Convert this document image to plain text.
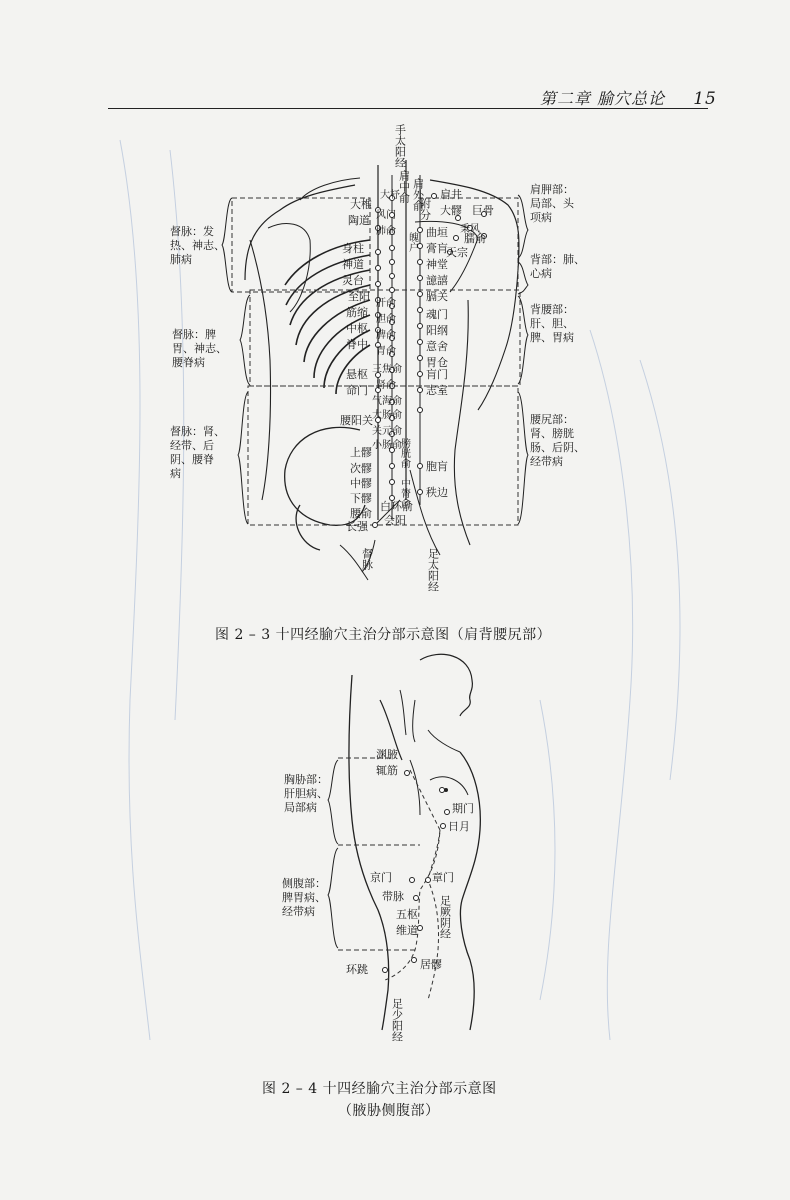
第二章 腧穴总论 15
手太阳经
督脉	足太阳经
肩中俞 肩外俞
附分
大椎
陶道
身柱
神道
灵台
至阳
筋缩
中枢
脊中
悬枢
命门
腰阳关
长强
大杼
风门
肺俞
肝俞
胆俞
脾俞
胃俞
三焦俞
肾俞
气海俞
大肠俞
关元俞
小肠俞
上髎
次髎
中髎
下髎
腰俞
白环俞
会阳
曲垣
膏肓
神堂
譩譆
膈关
魂门
阳纲
意舍
胃仓
肓门
志室
胞肓
秩边
肩井
大髎 巨骨
秉风
臑俞
天宗
魄户
膀胱俞
中膂俞
督脉：发
热、神志、
肺病
督脉：脾
胃、神志、
腰脊病
督脉：肾、
经带、后
阴、腰脊
病
肩胛部：
局部、头
项病
背部：肺、
心病
背腰部：
肝、胆、
脾、胃病
腰尻部：
肾、膀胱
肠、后阴、
经带病
渊腋
辄筋
期门
日月
京门	章门
带脉
五枢
维道
居髎
环跳
足厥阴经
足少阳经
胸胁部：
肝胆病、
局部病
侧腹部：
脾胃病、
经带病
图 2 – 3 十四经腧穴主治分部示意图（肩背腰尻部）
图 2 – 4 十四经腧穴主治分部示意图
（腋胁侧腹部）
